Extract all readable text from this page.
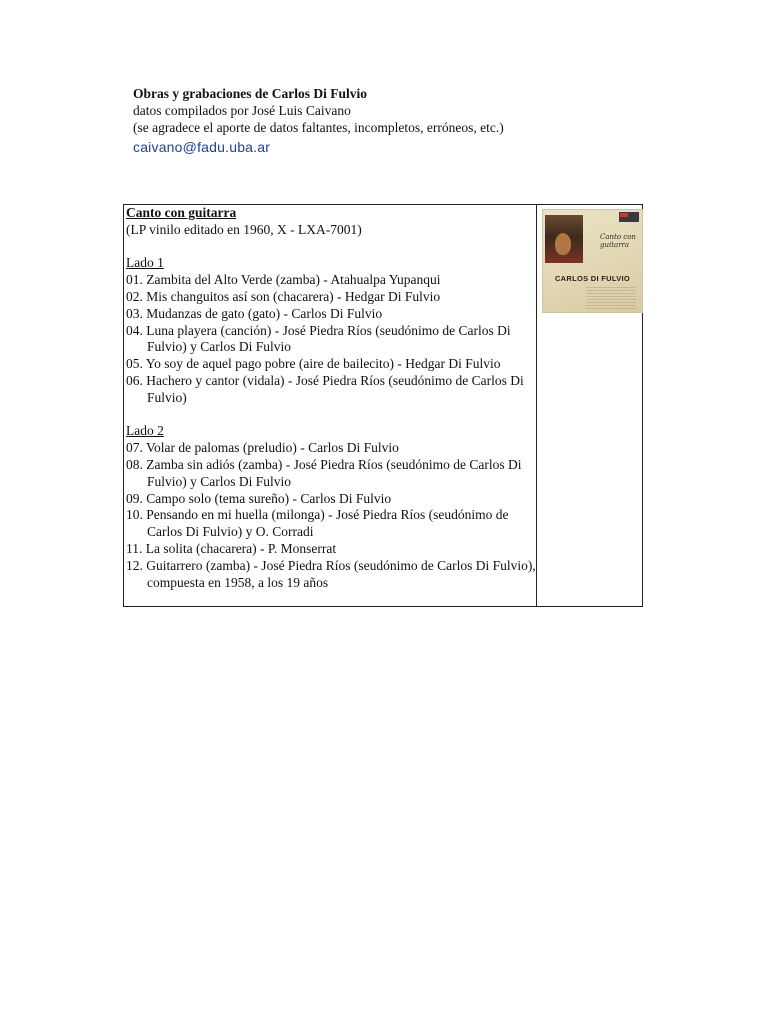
Obras y grabaciones de Carlos Di Fulvio
datos compilados por José Luis Caivano
(se agradece el aporte de datos faltantes, incompletos, erróneos, etc.)
caivano@fadu.uba.ar
Canto con guitarra
(LP vinilo editado en 1960, X - LXA-7001)
Lado 1
01. Zambita del Alto Verde (zamba) - Atahualpa Yupanqui
02. Mis changuitos así son (chacarera) - Hedgar Di Fulvio
03. Mudanzas de gato (gato) - Carlos Di Fulvio
04. Luna playera (canción) - José Piedra Ríos (seudónimo de Carlos Di Fulvio) y Carlos Di Fulvio
05. Yo soy de aquel pago pobre (aire de bailecito) - Hedgar Di Fulvio
06. Hachero y cantor (vidala) - José Piedra Ríos (seudónimo de Carlos Di Fulvio)
Lado 2
07. Volar de palomas (preludio) - Carlos Di Fulvio
08. Zamba sin adiós (zamba) - José Piedra Ríos (seudónimo de Carlos Di Fulvio) y Carlos Di Fulvio
09. Campo solo (tema sureño) - Carlos Di Fulvio
10. Pensando en mi huella (milonga) - José Piedra Ríos (seudónimo de Carlos Di Fulvio) y O. Corradi
11. La solita (chacarera) - P. Monserrat
12. Guitarrero (zamba) - José Piedra Ríos (seudónimo de Carlos Di Fulvio), compuesta en 1958, a los 19 años
Canto con guitarra
CARLOS DI FULVIO
